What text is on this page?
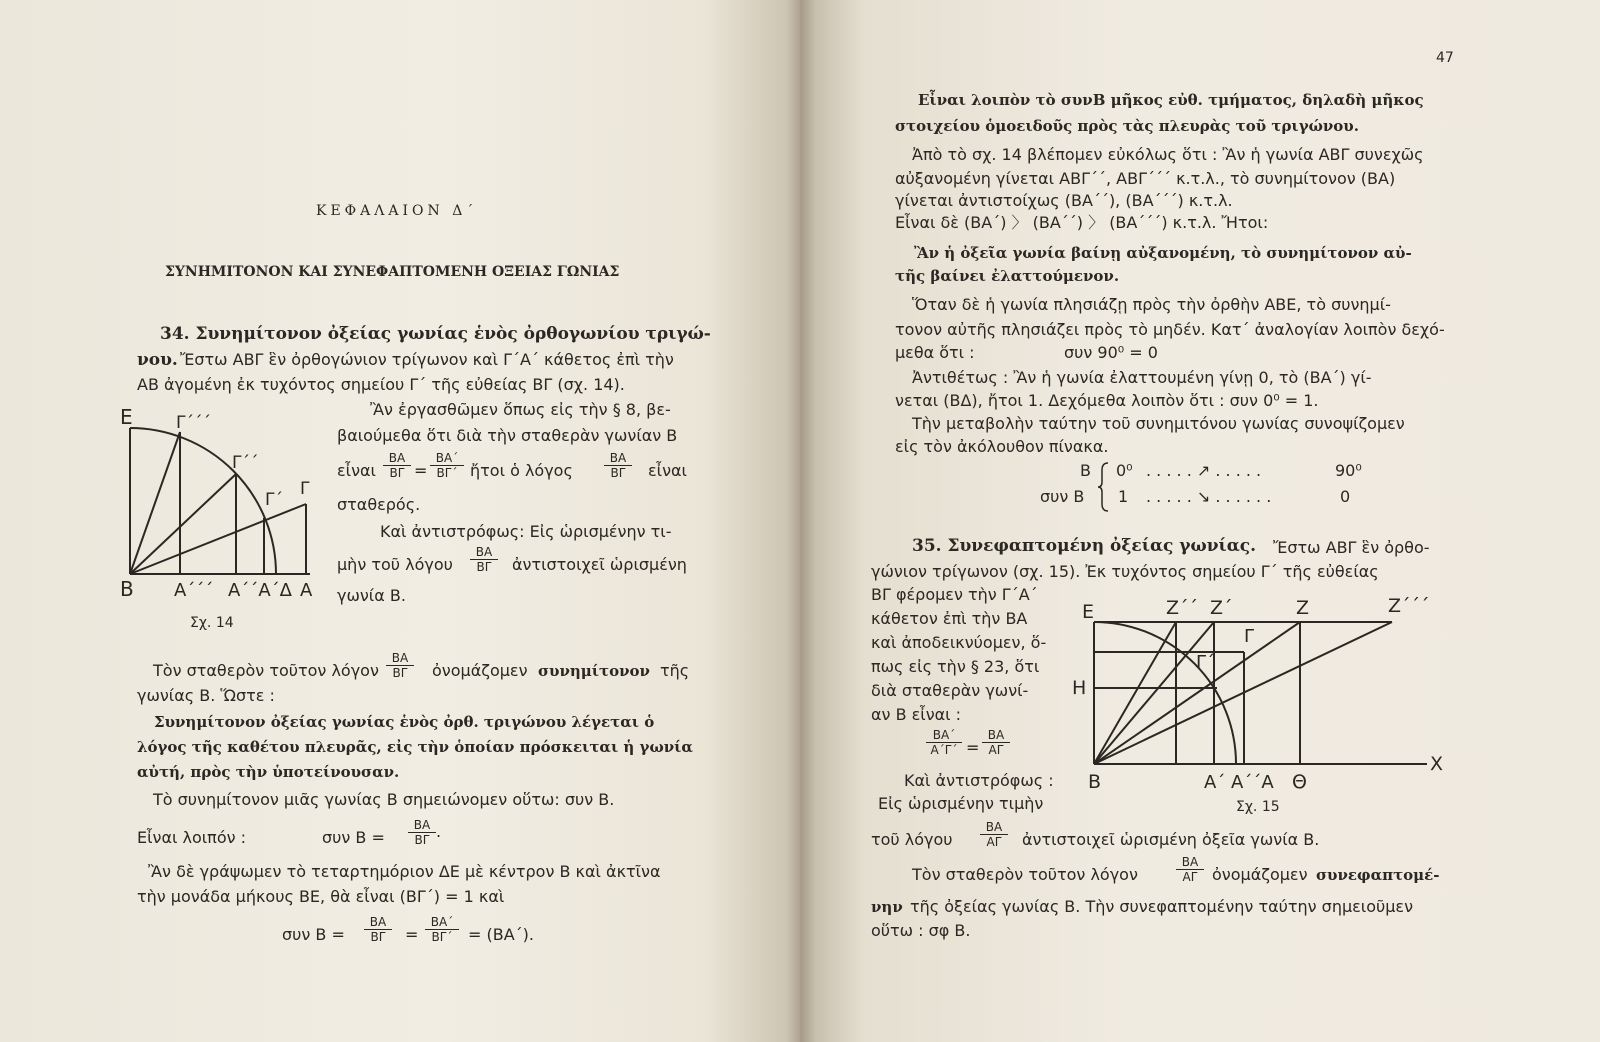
ΚΕΦΑΛΑΙΟΝ Δ΄
ΣΥΝΗΜΙΤΟΝΟΝ ΚΑΙ ΣΥΝΕΦΑΠΤΟΜΕΝΗ ΟΞΕΙΑΣ ΓΩΝΙΑΣ
34. Συνημίτονον ὀξείας γωνίας ἑνὸς ὀρθογωνίου τριγώ-
νου. Ἔστω ΑΒΓ ἓν ὀρθογώνιον τρίγωνον καὶ Γ΄Α΄ κάθετος ἐπὶ τὴν
ΑΒ ἀγομένη ἐκ τυχόντος σημείου Γ΄ τῆς εὐθείας ΒΓ (σχ. 14).
Ἂν ἐργασθῶμεν ὅπως εἰς τὴν § 8, βε-
βαιούμεθα ὅτι διὰ τὴν σταθερὰν γωνίαν Β
εἶναι $\frac{BA}{B\Gamma} = \frac{BA΄}{B\Gamma΄}$ ἤτοι ὁ λόγος	$\frac{BA}{B\Gamma}$ εἶναι
σταθερός.
Καὶ ἀντιστρόφως: Εἰς ὡρισμένην τι-
μὴν τοῦ λόγου $\frac{BA}{B\Gamma}$ ἀντιστοιχεῖ ὡρισμένη
γωνία Β.
Ε	Γ΄΄΄
Γ΄΄
Γ΄
Γ
Β Α΄΄΄ Α΄΄Α΄Δ Α
Σχ. 14
Τὸν σταθερὸν τοῦτον λόγον $\frac{BA}{B\Gamma}$ ὀνομάζομεν συνημίτονον τῆς
γωνίας Β. Ὥστε :
Συνημίτονον ὀξείας γωνίας ἑνὸς ὀρθ. τριγώνου λέγεται ὁ
λόγος τῆς καθέτου πλευρᾶς, εἰς τὴν ὁποίαν πρόσκειται ἡ γωνία
αὐτή, πρὸς τὴν ὑποτείνουσαν.
Τὸ συνημίτονον μιᾶς γωνίας Β σημειώνομεν οὕτω: συν Β.
Εἶναι λοιπόν :	συν $B = \frac{BA}{B\Gamma}$ .
Ἂν δὲ γράψωμεν τὸ τεταρτημόριον ΔΕ μὲ κέντρον Β καὶ ἀκτῖνα
τὴν μονάδα μήκους ΒΕ, θὰ εἶναι (ΒΓ΄) = 1 καὶ
συν $B = \frac{BA}{B\Gamma} = \frac{BA΄}{B\Gamma΄} = (BA΄)$.
47
Εἶναι λοιπὸν τὸ συνΒ μῆκος εὐθ. τμήματος, δηλαδὴ μῆκος
στοιχείου ὁμοειδοῦς πρὸς τὰς πλευρὰς τοῦ τριγώνου.
Ἀπὸ τὸ σχ. 14 βλέπομεν εὐκόλως ὅτι : Ἂν ἡ γωνία ΑΒΓ συνεχῶς
αὐξανομένη γίνεται ΑΒΓ΄΄, ΑΒΓ΄΄΄ κ.τ.λ., τὸ συνημίτονον (ΒΑ)
γίνεται ἀντιστοίχως (ΒΑ΄΄), (ΒΑ΄΄΄) κ.τ.λ.
Εἶναι δὲ (ΒΑ΄) 〉 (ΒΑ΄΄) 〉 (ΒΑ΄΄΄) κ.τ.λ. Ἤτοι:
Ἂν ἡ ὀξεῖα γωνία βαίνῃ αὐξανομένη, τὸ συνημίτονον αὐ-
τῆς βαίνει ἐλαττούμενον.
Ὅταν δὲ ἡ γωνία πλησιάζῃ πρὸς τὴν ὀρθὴν ΑΒΕ, τὸ συνημί-
τονον αὐτῆς πλησιάζει πρὸς τὸ μηδέν. Κατ΄ ἀναλογίαν λοιπὸν δεχό-
μεθα ὅτι :	συν 90⁰ = 0
Ἀντιθέτως : Ἂν ἡ γωνία ἐλαττουμένη γίνῃ 0, τὸ (ΒΑ΄) γί-
νεται (ΒΔ), ἤτοι 1. Δεχόμεθα λοιπὸν ὅτι : συν 0⁰ = 1.
Τὴν μεταβολὴν ταύτην τοῦ συνημιτόνου γωνίας συνοψίζομεν
εἰς τὸν ἀκόλουθον πίνακα.
Β 0⁰ . . . . . ↗ . . . . .	90⁰
συν Β 1 . . . . . ↘ . . . . . .	0
35. Συνεφαπτομένη ὀξείας γωνίας. Ἔστω ΑΒΓ ἓν ὀρθο-
γώνιον τρίγωνον (σχ. 15). Ἐκ τυχόντος σημείου Γ΄ τῆς εὐθείας
ΒΓ φέρομεν τὴν Γ΄Α΄
κάθετον ἐπὶ τὴν ΒΑ
καὶ ἀποδεικνύομεν, ὅ-
πως εἰς τὴν § 23, ὅτι
διὰ σταθερὰν γωνί-
αν Β εἶναι :
$\frac{BA΄}{A΄\Gamma΄} = \frac{BA}{A\Gamma}$
Καὶ ἀντιστρόφως :
Εἰς ὡρισμένην τιμὴν
Ε	Ζ΄΄ Ζ΄	Ζ	Ζ΄΄΄
Γ
Γ΄
Η
Β	Α΄ Α΄΄Α Θ
Χ
Σχ. 15
τοῦ λόγου $\frac{BA}{A\Gamma}$ ἀντιστοιχεῖ ὡρισμένη ὀξεῖα γωνία Β.
Τὸν σταθερὸν τοῦτον λόγον	$\frac{BA}{A\Gamma}$ ὀνομάζομεν συνεφαπτομέ-
νην τῆς ὀξείας γωνίας Β. Τὴν συνεφαπτομένην ταύτην σημειοῦμεν
οὕτω : σφ Β.
